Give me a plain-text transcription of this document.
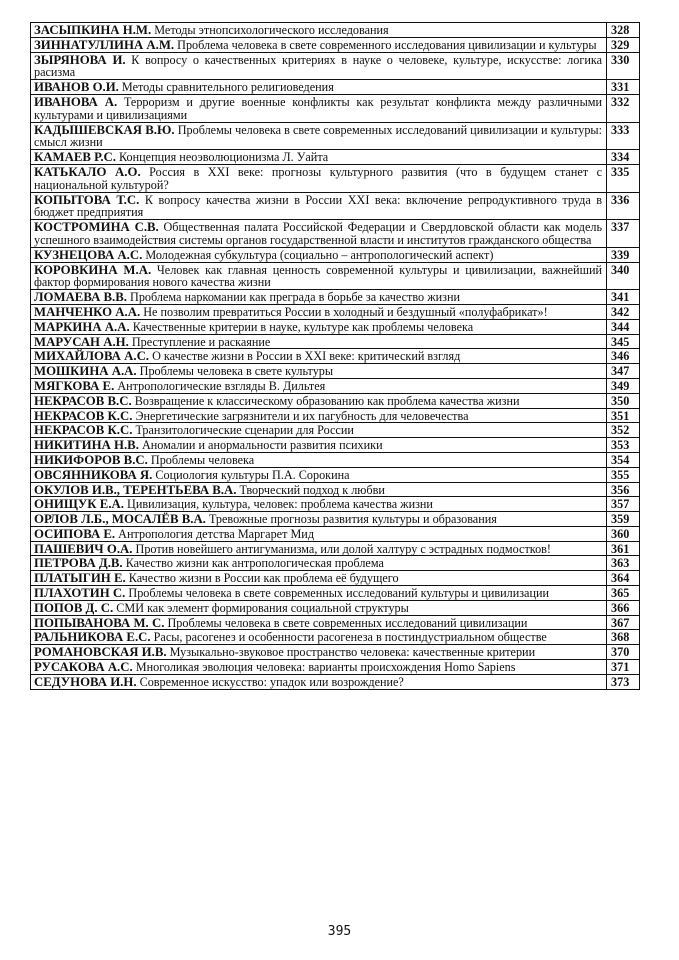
ЗАСЫПКИНА Н.М. Методы этнопсихологического исследования	328
ЗИННАТУЛЛИНА А.М. Проблема человека в свете современного исследования цивилизации и культуры	329
ЗЫРЯНОВА И. К вопросу о качественных критериях в науке о человеке, культуре, искусстве: логика расизма	330
ИВАНОВ О.И. Методы сравнительного религиоведения	331
ИВАНОВА А. Терроризм и другие военные конфликты как результат конфликта между различными культурами и цивилизациями	332
КАДЫШЕВСКАЯ В.Ю. Проблемы человека в свете современных исследований цивилизации и культуры: смысл жизни	333
КАМАЕВ Р.С. Концепция неоэволюционизма Л. Уайта	334
КАТЬКАЛО А.О. Россия в XXI веке: прогнозы культурного развития (что в будущем станет с национальной культурой?	335
КОПЫТОВА Т.С. К вопросу качества жизни в России XXI века: включение репродуктивного труда в бюджет предприятия	336
КОСТРОМИНА С.В. Общественная палата Российской Федерации и Свердловской области как модель успешного взаимодействия системы органов государственной власти и институтов гражданского общества	337
КУЗНЕЦОВА А.С. Молодежная субкультура (социально – антропологический аспект)	339
КОРОВКИНА М.А. Человек как главная ценность современной культуры и цивилизации, важнейший фактор формирования нового качества жизни	340
ЛОМАЕВА В.В. Проблема наркомании как преграда в борьбе за качество жизни	341
МАНЧЕНКО А.А. Не позволим превратиться России в холодный и бездушный «полуфабрикат»!	342
МАРКИНА А.А. Качественные критерии в науке, культуре как проблемы человека	344
МАРУСАН А.Н. Преступление и раскаяние	345
МИХАЙЛОВА А.С. О качестве жизни в России в XXI веке: критический взгляд	346
МОШКИНА А.А. Проблемы человека в свете культуры	347
МЯГКОВА Е. Антропологические взгляды В. Дильтея	349
НЕКРАСОВ В.С. Возвращение к классическому образованию как проблема качества жизни	350
НЕКРАСОВ К.С. Энергетические загрязнители и их пагубность для человечества	351
НЕКРАСОВ К.С. Транзитологические сценарии для России	352
НИКИТИНА Н.В. Аномалии и анормальности развития психики	353
НИКИФОРОВ В.С. Проблемы человека	354
ОВСЯННИКОВА Я. Социология культуры П.А. Сорокина	355
ОКУЛОВ И.В., ТЕРЕНТЬЕВА В.А. Творческий подход к любви	356
ОНИЩУК Е.А. Цивилизация, культура, человек: проблема качества жизни	357
ОРЛОВ Л.Б., МОСАЛЁВ В.А. Тревожные прогнозы развития культуры и образования	359
ОСИПОВА Е. Антропология детства Маргарет Мид	360
ПАШЕВИЧ О.А. Против новейшего антигуманизма, или долой халтуру с эстрадных подмостков!	361
ПЕТРОВА Д.В. Качество жизни как антропологическая проблема	363
ПЛАТЫГИН Е. Качество жизни в России как проблема её будущего	364
ПЛАХОТИН С. Проблемы человека в свете современных исследований культуры и цивилизации	365
ПОПОВ Д. С. СМИ как элемент формирования социальной структуры	366
ПОПЫВАНОВА М. С. Проблемы человека в свете современных исследований цивилизации	367
РАЛЬНИКОВА Е.С. Расы, расогенез и особенности расогенеза в постиндустриальном обществе	368
РОМАНОВСКАЯ И.В. Музыкально-звуковое пространство человека: качественные критерии	370
РУСАКОВА А.С. Многоликая эволюция человека: варианты происхождения Homo Sapiens	371
СЕДУНОВА И.Н. Современное искусство: упадок или возрождение?	373
395
